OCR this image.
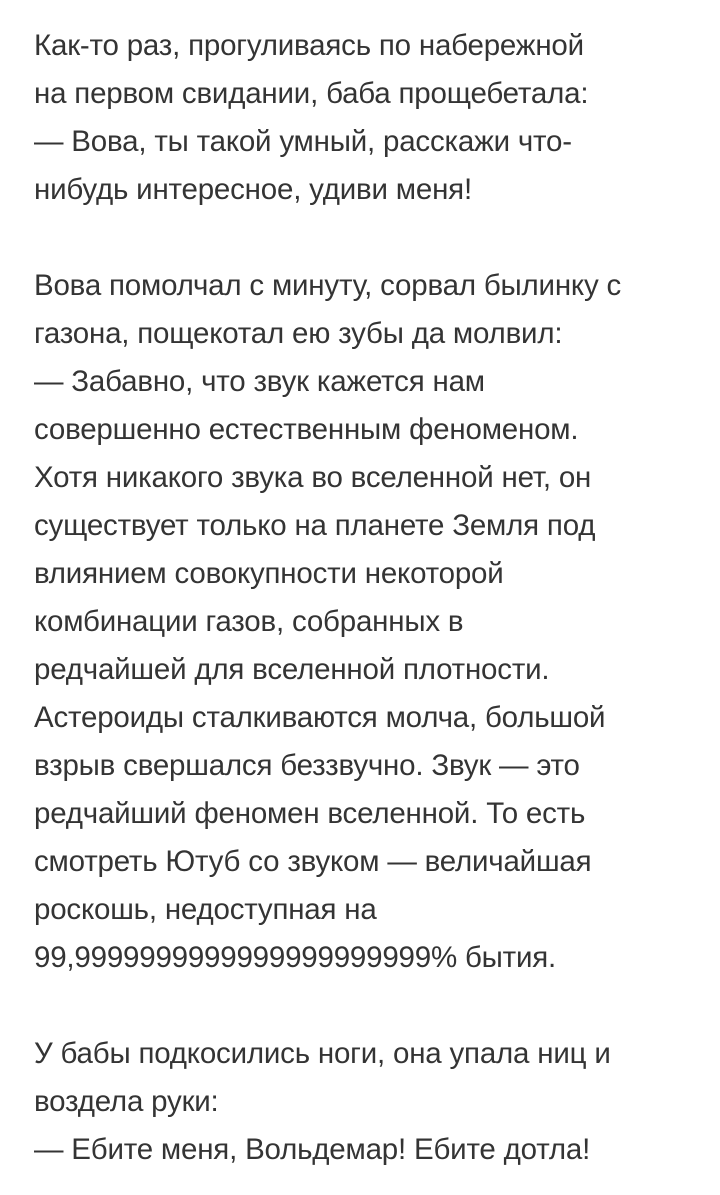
Как-то раз, прогуливаясь по набережной
на первом свидании, баба прощебетала:
— Вова, ты такой умный, расскажи что-
нибудь интересное, удиви меня!

Вова помолчал с минуту, сорвал былинку с
газона, пощекотал ею зубы да молвил:
— Забавно, что звук кажется нам
совершенно естественным феноменом.
Хотя никакого звука во вселенной нет, он
существует только на планете Земля под
влиянием совокупности некоторой
комбинации газов, собранных в
редчайшей для вселенной плотности.
Астероиды сталкиваются молча, большой
взрыв свершался беззвучно. Звук — это
редчайший феномен вселенной. То есть
смотреть Ютуб со звуком — величайшая
роскошь, недоступная на
99,9999999999999999999999% бытия.

У бабы подкосились ноги, она упала ниц и
воздела руки:
— Ебите меня, Вольдемар! Ебите дотла!
